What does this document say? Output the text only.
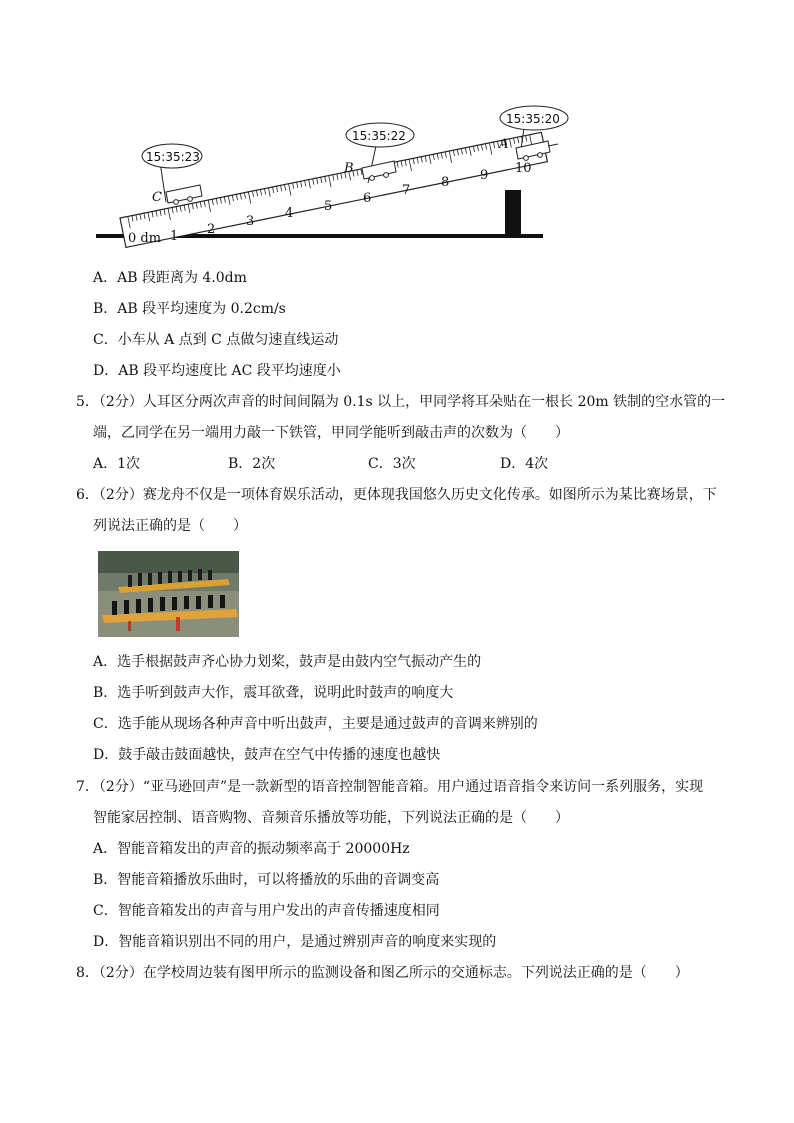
0 dm 1 2
3
4 5
6
7
8 9 10
15:35:23
C
15:35:22
B
15:35:20
A
A．AB 段距离为 4.0dm
B．AB 段平均速度为 0.2cm/s
C．小车从 A 点到 C 点做匀速直线运动
D．AB 段平均速度比 AC 段平均速度小
5．（2分）人耳区分两次声音的时间间隔为 0.1s 以上，甲同学将耳朵贴在一根长 20m 铁制的空水管的一
端，乙同学在另一端用力敲一下铁管，甲同学能听到敲击声的次数为（　　）
A．1次	B．2次	C．3次	D．4次
6．（2分）赛龙舟不仅是一项体育娱乐活动，更体现我国悠久历史文化传承。如图所示为某比赛场景，下
列说法正确的是（　　）
A．选手根据鼓声齐心协力划桨，鼓声是由鼓内空气振动产生的
B．选手听到鼓声大作，震耳欲聋，说明此时鼓声的响度大
C．选手能从现场各种声音中听出鼓声，主要是通过鼓声的音调来辨别的
D．鼓手敲击鼓面越快，鼓声在空气中传播的速度也越快
7．（2分）“亚马逊回声”是一款新型的语音控制智能音箱。用户通过语音指令来访问一系列服务，实现
智能家居控制、语音购物、音频音乐播放等功能，下列说法正确的是（　　）
A．智能音箱发出的声音的振动频率高于 20000Hz
B．智能音箱播放乐曲时，可以将播放的乐曲的音调变高
C．智能音箱发出的声音与用户发出的声音传播速度相同
D．智能音箱识别出不同的用户，是通过辨别声音的响度来实现的
8．（2分）在学校周边装有图甲所示的监测设备和图乙所示的交通标志。下列说法正确的是（　　）
